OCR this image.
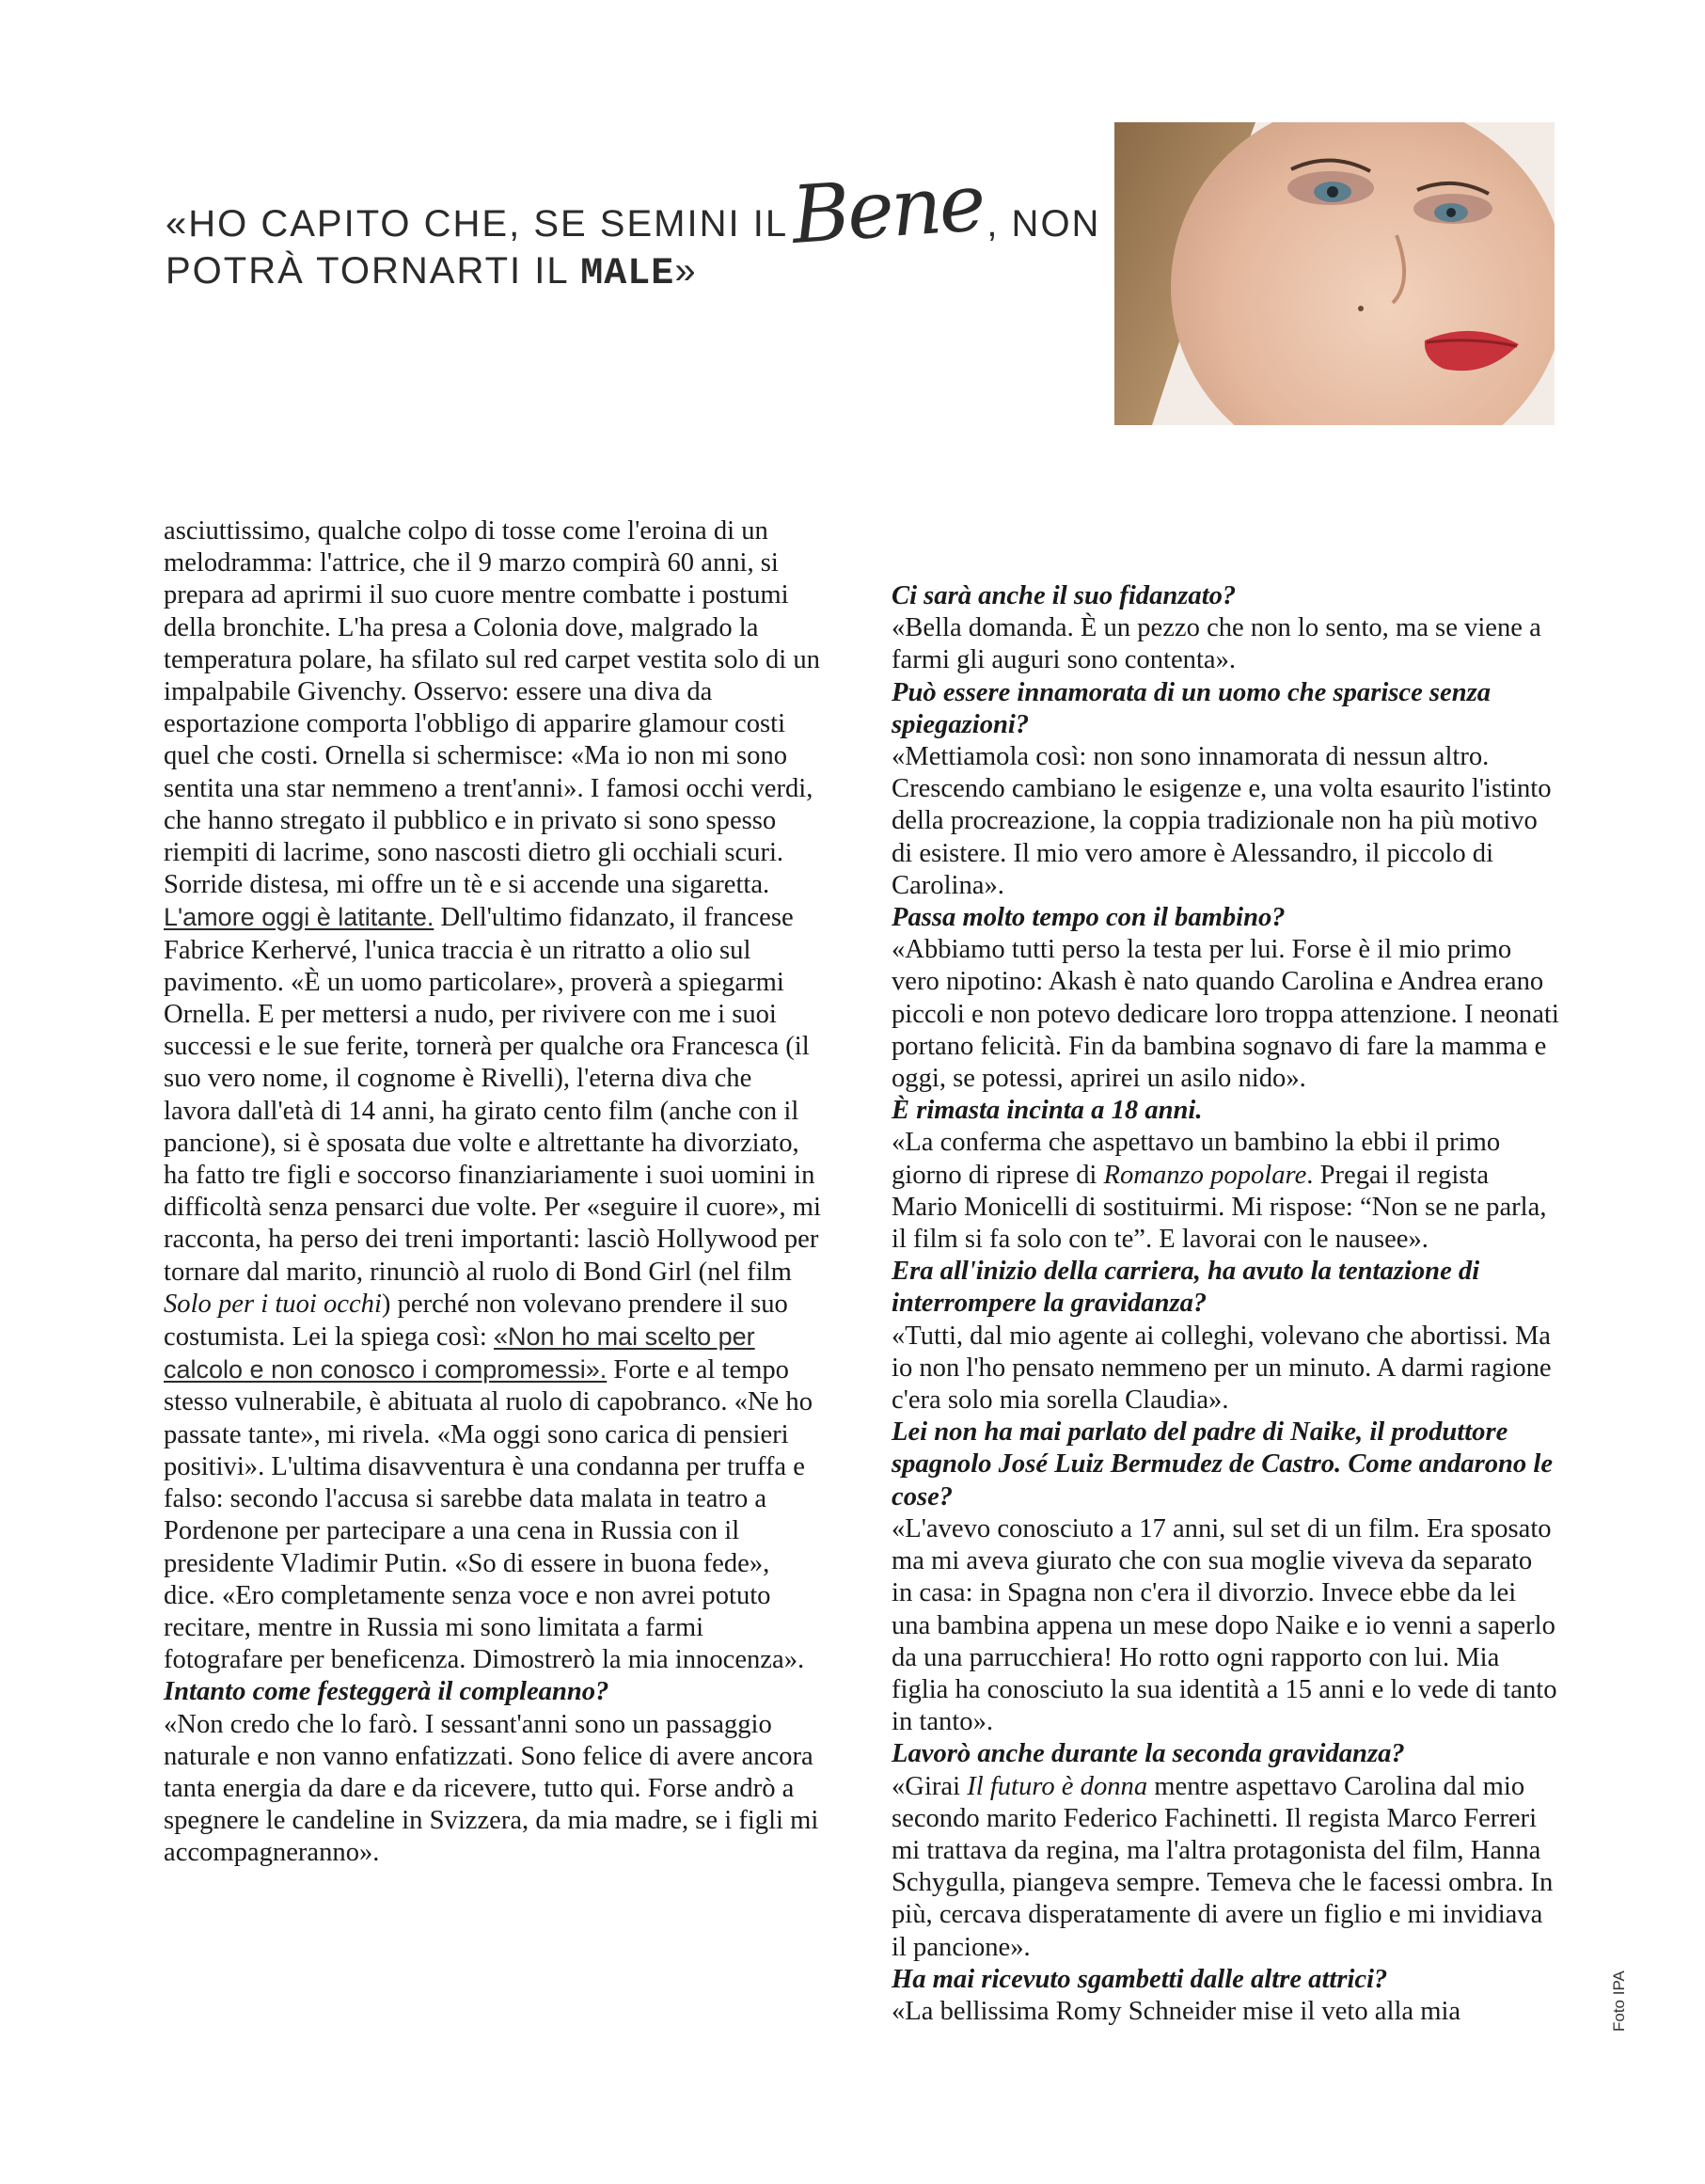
«HO CAPITO CHE, SE SEMINI ILBene, NON
POTRÀ TORNARTI IL MALE»

asciuttissimo, qualche colpo di tosse come l'eroina di un melodramma: l'attrice, che il 9 marzo compirà 60 anni, si prepara ad aprirmi il suo cuore mentre combatte i postumi della bronchite. L'ha presa a Colonia dove, malgrado la temperatura polare, ha sfilato sul red carpet vestita solo di un impalpabile Givenchy. Osservo: essere una diva da esportazione comporta l'obbligo di apparire glamour costi quel che costi. Ornella si schermisce: «Ma io non mi sono sentita una star nemmeno a trent'anni». I famosi occhi verdi, che hanno stregato il pubblico e in privato si sono spesso riempiti di lacrime, sono nascosti dietro gli occhiali scuri. Sorride distesa, mi offre un tè e si accende una sigaretta.

L'amore oggi è latitante. Dell'ultimo fidanzato, il francese Fabrice Kerhervé, l'unica traccia è un ritratto a olio sul pavimento. «È un uomo particolare», proverà a spiegarmi Ornella. E per mettersi a nudo, per rivivere con me i suoi successi e le sue ferite, tornerà per qualche ora Francesca (il suo vero nome, il cognome è Rivelli), l'eterna diva che lavora dall'età di 14 anni, ha girato cento film (anche con il pancione), si è sposata due volte e altrettante ha divorziato, ha fatto tre figli e soccorso finanziariamente i suoi uomini in difficoltà senza pensarci due volte. Per «seguire il cuore», mi racconta, ha perso dei treni importanti: lasciò Hollywood per tornare dal marito, rinunciò al ruolo di Bond Girl (nel film Solo per i tuoi occhi) perché non volevano prendere il suo costumista. Lei la spiega così: «Non ho mai scelto per calcolo e non conosco i compromessi». Forte e al tempo stesso vulnerabile, è abituata al ruolo di capobranco. «Ne ho passate tante», mi rivela. «Ma oggi sono carica di pensieri positivi». L'ultima disavventura è una condanna per truffa e falso: secondo l'accusa si sarebbe data malata in teatro a Pordenone per partecipare a una cena in Russia con il presidente Vladimir Putin. «So di essere in buona fede», dice. «Ero completamente senza voce e non avrei potuto recitare, mentre in Russia mi sono limitata a farmi fotografare per beneficenza. Dimostrerò la mia innocenza».

Intanto come festeggerà il compleanno?

«Non credo che lo farò. I sessant'anni sono un passaggio naturale e non vanno enfatizzati. Sono felice di avere ancora tanta energia da dare e da ricevere, tutto qui. Forse andrò a spegnere le candeline in Svizzera, da mia madre, se i figli mi accompagneranno».

Ci sarà anche il suo fidanzato?

«Bella domanda. È un pezzo che non lo sento, ma se viene a farmi gli auguri sono contenta».

Può essere innamorata di un uomo che sparisce senza spiegazioni?

«Mettiamola così: non sono innamorata di nessun altro. Crescendo cambiano le esigenze e, una volta esaurito l'istinto della procreazione, la coppia tradizionale non ha più motivo di esistere. Il mio vero amore è Alessandro, il piccolo di Carolina».

Passa molto tempo con il bambino?

«Abbiamo tutti perso la testa per lui. Forse è il mio primo vero nipotino: Akash è nato quando Carolina e Andrea erano piccoli e non potevo dedicare loro troppa attenzione. I neonati portano felicità. Fin da bambina sognavo di fare la mamma e oggi, se potessi, aprirei un asilo nido».

È rimasta incinta a 18 anni.

«La conferma che aspettavo un bambino la ebbi il primo giorno di riprese di Romanzo popolare. Pregai il regista Mario Monicelli di sostituirmi. Mi rispose: “Non se ne parla, il film si fa solo con te”. E lavorai con le nausee».

Era all'inizio della carriera, ha avuto la tentazione di interrompere la gravidanza?

«Tutti, dal mio agente ai colleghi, volevano che abortissi. Ma io non l'ho pensato nemmeno per un minuto. A darmi ragione c'era solo mia sorella Claudia».

Lei non ha mai parlato del padre di Naike, il produttore spagnolo José Luiz Bermudez de Castro. Come andarono le cose?

«L'avevo conosciuto a 17 anni, sul set di un film. Era sposato ma mi aveva giurato che con sua moglie viveva da separato in casa: in Spagna non c'era il divorzio. Invece ebbe da lei una bambina appena un mese dopo Naike e io venni a saperlo da una parrucchiera! Ho rotto ogni rapporto con lui. Mia figlia ha conosciuto la sua identità a 15 anni e lo vede di tanto in tanto».

Lavorò anche durante la seconda gravidanza?

«Girai Il futuro è donna mentre aspettavo Carolina dal mio secondo marito Federico Fachinetti. Il regista Marco Ferreri mi trattava da regina, ma l'altra protagonista del film, Hanna Schygulla, piangeva sempre. Temeva che le facessi ombra. In più, cercava disperatamente di avere un figlio e mi invidiava il pancione».

Ha mai ricevuto sgambetti dalle altre attrici?

«La bellissima Romy Schneider mise il veto alla mia	Foto IPA
